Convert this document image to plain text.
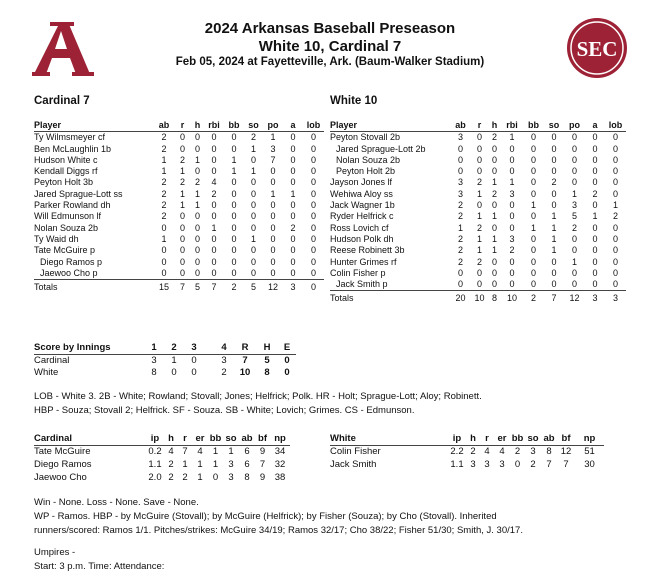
SEC
2024 Arkansas Baseball Preseason
White 10, Cardinal 7
Feb 05, 2024 at Fayetteville, Ark. (Baum-Walker Stadium)
Cardinal 7	White 10
Player	ab	r	h	rbi	bb	so	po	a	lob
Ty Wilmsmeyer cf	2	0	0	0	0	2	1	0	0
Ben McLaughlin 1b	2	0	0	0	0	1	3	0	0
Hudson White c	1	2	1	0	1	0	7	0	0
Kendall Diggs rf	1	1	0	0	1	1	0	0	0
Peyton Holt 3b	2	2	2	4	0	0	0	0	0
Jared Sprague-Lott ss	2	1	1	2	0	0	1	1	0
Parker Rowland dh	2	1	1	0	0	0	0	0	0
Will Edmunson lf	2	0	0	0	0	0	0	0	0
Nolan Souza 2b	0	0	0	1	0	0	0	2	0
Ty Waid dh	1	0	0	0	0	1	0	0	0
Tate McGuire p	0	0	0	0	0	0	0	0	0
Diego Ramos p	0	0	0	0	0	0	0	0	0
Jaewoo Cho p	0	0	0	0	0	0	0	0	0
Totals	15	7	5	7	2	5	12	3	0
Player	ab	r	h	rbi	bb	so	po	a	lob
Peyton Stovall 2b	3	0	2	1	0	0	0	0	0
Jared Sprague-Lott 2b	0	0	0	0	0	0	0	0	0
Nolan Souza 2b	0	0	0	0	0	0	0	0	0
Peyton Holt 2b	0	0	0	0	0	0	0	0	0
Jayson Jones lf	3	2	1	1	0	2	0	0	0
Wehiwa Aloy ss	3	1	2	3	0	0	1	2	0
Jack Wagner 1b	2	0	0	0	1	0	3	0	1
Ryder Helfrick c	2	1	1	0	0	1	5	1	2
Ross Lovich cf	1	2	0	0	1	1	2	0	0
Hudson Polk dh	2	1	1	3	0	1	0	0	0
Reese Robinett 3b	2	1	1	2	0	1	0	0	0
Hunter Grimes rf	2	2	0	0	0	0	1	0	0
Colin Fisher p	0	0	0	0	0	0	0	0	0
Jack Smith p	0	0	0	0	0	0	0	0	0
Totals	20	10	8	10	2	7	12	3	3
Score by Innings	1	2	3		4	R	H	E
Cardinal	3	1	0		3	7	5	0
White	8	0	0		2	10	8	0
LOB - White 3. 2B - White; Rowland; Stovall; Jones; Helfrick; Polk. HR - Holt; Sprague-Lott; Aloy; Robinett.
HBP - Souza; Stovall 2; Helfrick. SF - Souza. SB - White; Lovich; Grimes. CS - Edmunson.
Cardinal	ip	h	r	er	bb	so	ab	bf	np
Tate McGuire	0.2	4	7	4	1	1	6	9	34
Diego Ramos	1.1	2	1	1	1	3	6	7	32
Jaewoo Cho	2.0	2	2	1	0	3	8	9	38
White	ip	h	r	er	bb	so	ab	bf	np
Colin Fisher	2.2	2	4	4	2	3	8	12	51
Jack Smith	1.1	3	3	3	0	2	7	7	30
Win - None. Loss - None. Save - None.
WP - Ramos. HBP - by McGuire (Stovall); by McGuire (Helfrick); by Fisher (Souza); by Cho (Stovall). Inherited
runners/scored: Ramos 1/1. Pitches/strikes: McGuire 34/19; Ramos 32/17; Cho 38/22; Fisher 51/30; Smith, J. 30/17.
Umpires -
Start: 3 p.m. Time: Attendance:
